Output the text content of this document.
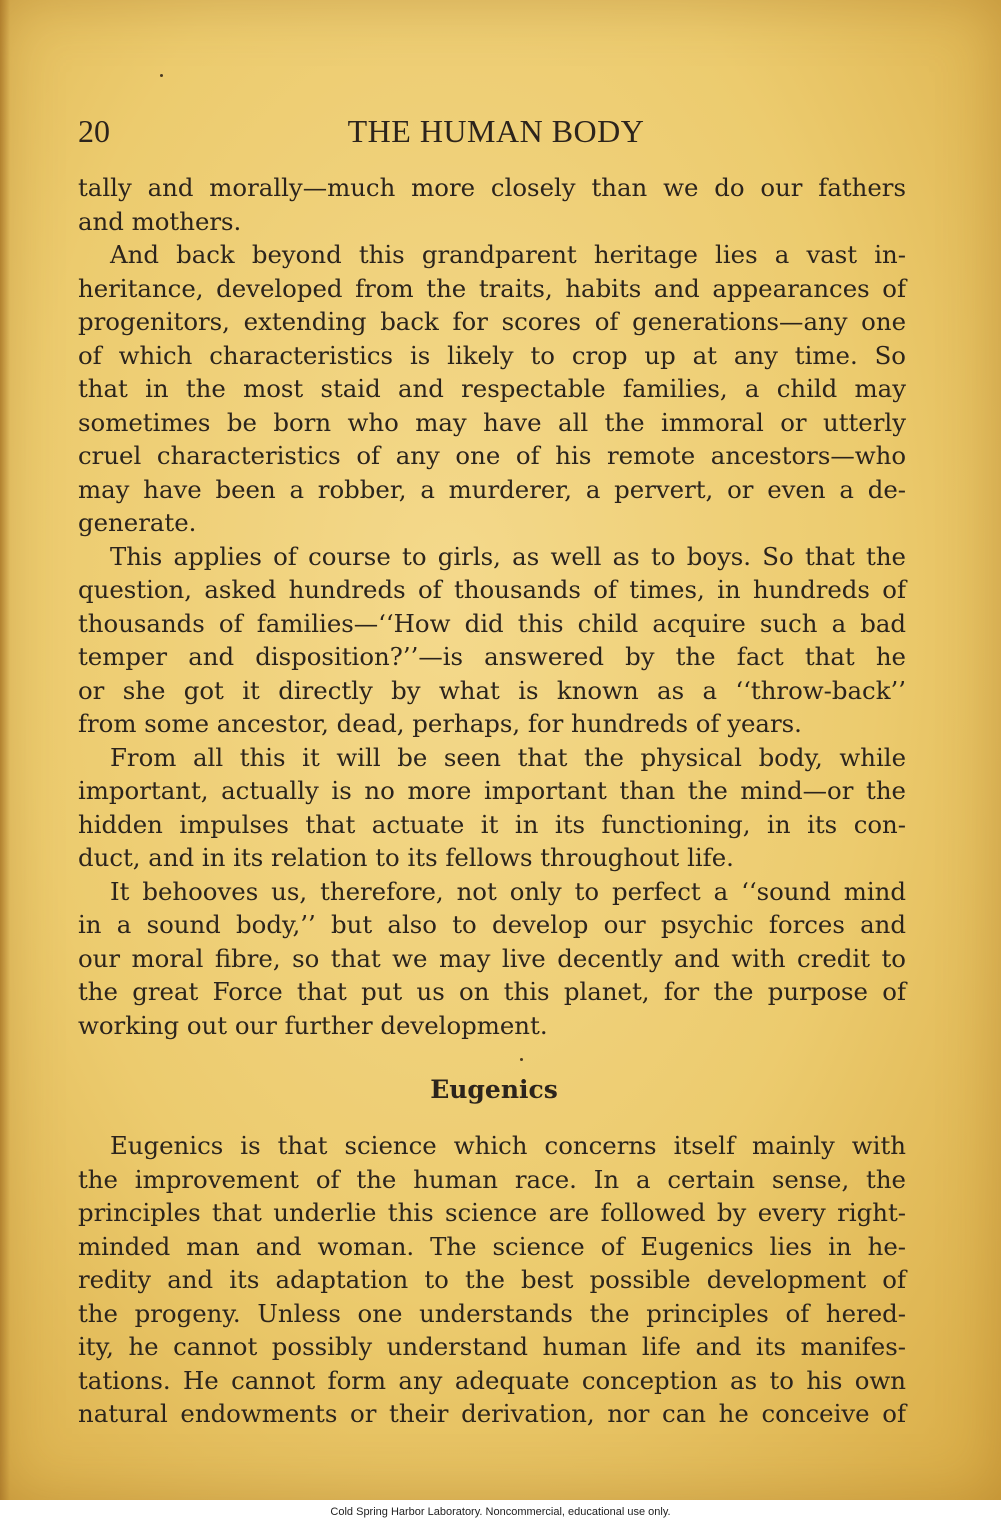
20	THE HUMAN BODY
tally and morally—much more closely than we do our fathers
and mothers.
And back beyond this grandparent heritage lies a vast in-
heritance, developed from the traits, habits and appearances of
progenitors, extending back for scores of generations—any one
of which characteristics is likely to crop up at any time. So
that in the most staid and respectable families, a child may
sometimes be born who may have all the immoral or utterly
cruel characteristics of any one of his remote ancestors—who
may have been a robber, a murderer, a pervert, or even a de-
generate.
This applies of course to girls, as well as to boys. So that the
question, asked hundreds of thousands of times, in hundreds of
thousands of families—‘‘How did this child acquire such a bad
temper and disposition?’’—is answered by the fact that he
or she got it directly by what is known as a ‘‘throw-back’’
from some ancestor, dead, perhaps, for hundreds of years.
From all this it will be seen that the physical body, while
important, actually is no more important than the mind—or the
hidden impulses that actuate it in its functioning, in its con-
duct, and in its relation to its fellows throughout life.
It behooves us, therefore, not only to perfect a ‘‘sound mind
in a sound body,’’ but also to develop our psychic forces and
our moral fibre, so that we may live decently and with credit to
the great Force that put us on this planet, for the purpose of
working out our further development.
Eugenics
Eugenics is that science which concerns itself mainly with
the improvement of the human race. In a certain sense, the
principles that underlie this science are followed by every right-
minded man and woman. The science of Eugenics lies in he-
redity and its adaptation to the best possible development of
the progeny. Unless one understands the principles of hered-
ity, he cannot possibly understand human life and its manifes-
tations. He cannot form any adequate conception as to his own
natural endowments or their derivation, nor can he conceive of
Cold Spring Harbor Laboratory. Noncommercial, educational use only.
